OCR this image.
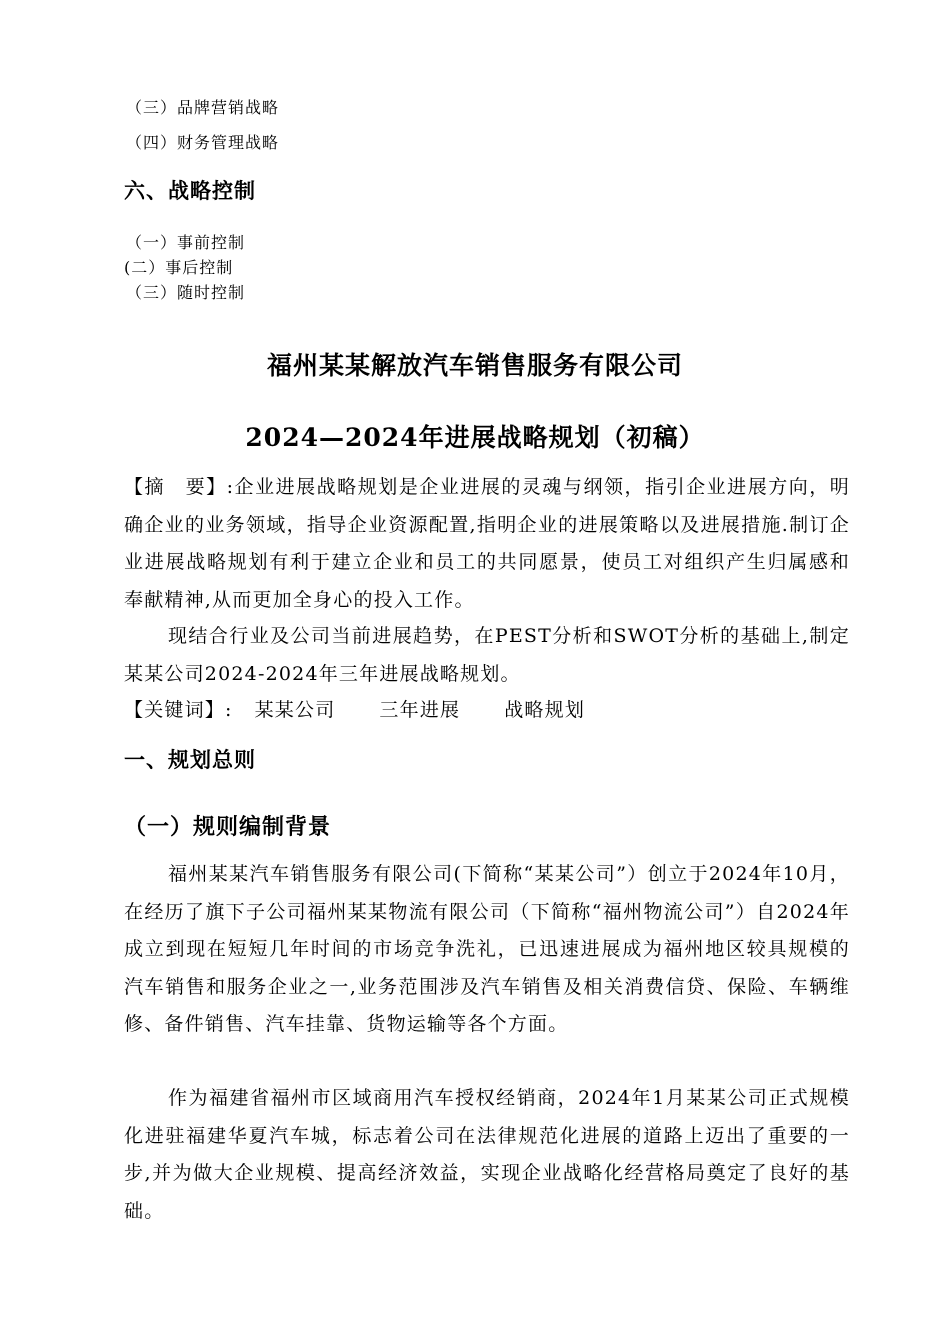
（三）品牌营销战略
（四）财务管理战略
六、战略控制
（一）事前控制
(二）事后控制
（三）随时控制
福州某某解放汽车销售服务有限公司
2024—2024年进展战略规划（初稿）
【摘　要】:企业进展战略规划是企业进展的灵魂与纲领，指引企业进展方向，明确企业的业务领域，指导企业资源配置,指明企业的进展策略以及进展措施.制订企业进展战略规划有利于建立企业和员工的共同愿景，使员工对组织产生归属感和奉献精神,从而更加全身心的投入工作。
现结合行业及公司当前进展趋势，在PEST分析和SWOT分析的基础上,制定某某公司2024-2024年三年进展战略规划。
【关键词】: 某某公司 三年进展 战略规划
一、规划总则
（一）规则编制背景
福州某某汽车销售服务有限公司(下简称“某某公司”）创立于2024年10月，在经历了旗下子公司福州某某物流有限公司（下简称“福州物流公司”）自2024年成立到现在短短几年时间的市场竞争洗礼，已迅速进展成为福州地区较具规模的汽车销售和服务企业之一,业务范围涉及汽车销售及相关消费信贷、保险、车辆维修、备件销售、汽车挂靠、货物运输等各个方面。
作为福建省福州市区域商用汽车授权经销商，2024年1月某某公司正式规模化进驻福建华夏汽车城，标志着公司在法律规范化进展的道路上迈出了重要的一步,并为做大企业规模、提高经济效益，实现企业战略化经营格局奠定了良好的基础。
